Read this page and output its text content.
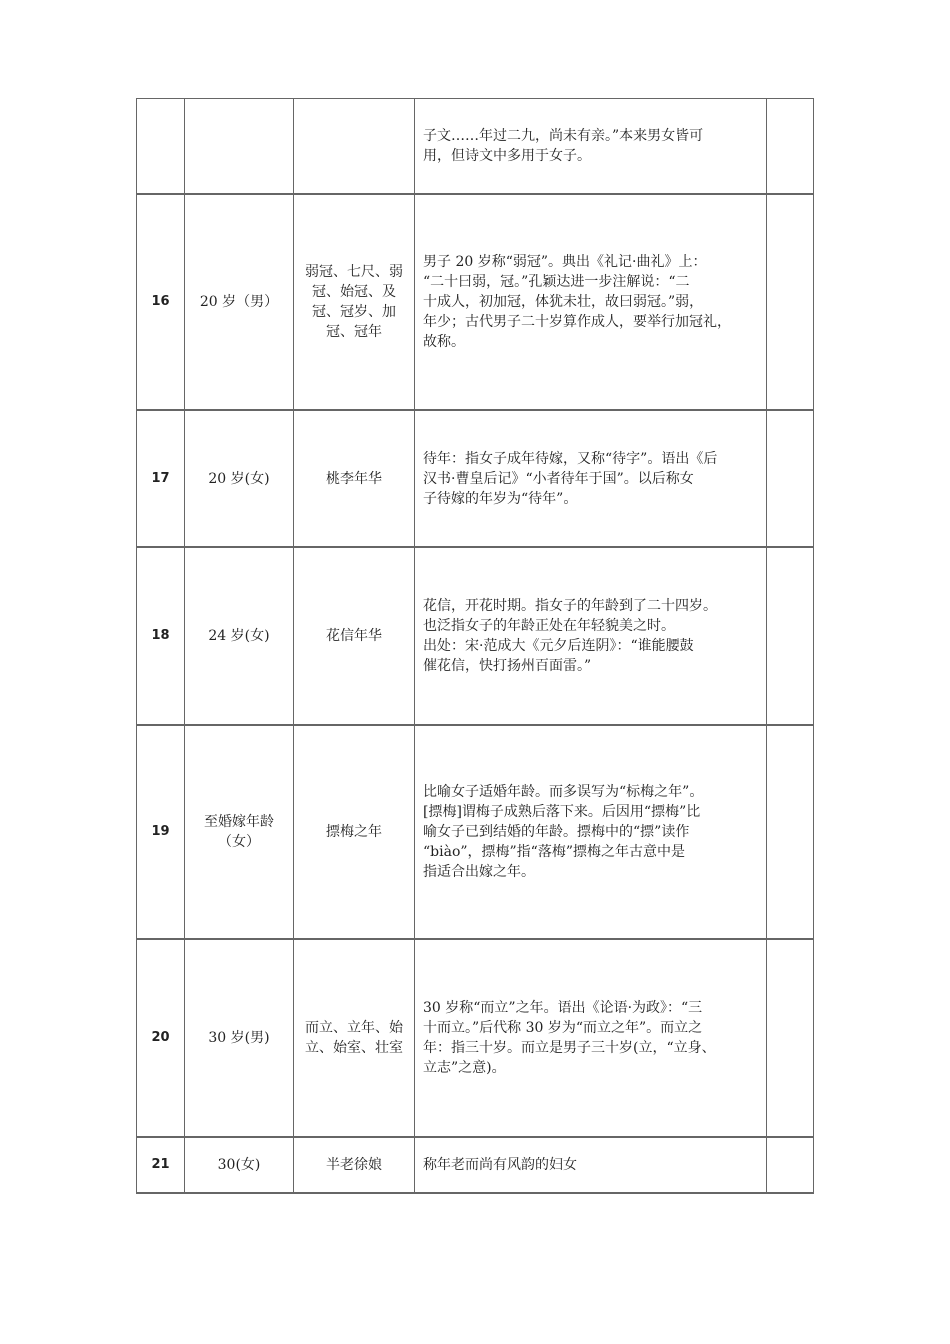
			子文……年过二九，尚未有亲。”本来男女皆可
用，但诗文中多用于女子。	

16	20 岁（男）	弱冠、七尺、弱冠、始冠、及冠、冠岁、加冠、冠年	男子 20 岁称“弱冠”。典出《礼记·曲礼》上：
“二十曰弱，冠。”孔颖达进一步注解说：“二
十成人，初加冠，体犹未壮，故曰弱冠。”弱，
年少；古代男子二十岁算作成人，要举行加冠礼，
故称。	

17	20 岁(女)	桃李年华	待年：指女子成年待嫁，又称“待字”。语出《后
汉书·曹皇后记》“小者待年于国”。以后称女
子待嫁的年岁为“待年”。	

18	24 岁(女)	花信年华	花信，开花时期。指女子的年龄到了二十四岁。
也泛指女子的年龄正处在年轻貌美之时。
出处：宋·范成大《元夕后连阴》：“谁能腰鼓
催花信，快打扬州百面雷。”	

19	至婚嫁年龄（女）	摽梅之年	比喻女子适婚年龄。而多误写为“标梅之年”。
[摽梅]谓梅子成熟后落下来。后因用“摽梅”比
喻女子已到结婚的年龄。摽梅中的“摽”读作
“biào”，摽梅”指“落梅”摽梅之年古意中是
指适合出嫁之年。	

20	30 岁(男)	而立、立年、始立、始室、壮室	30 岁称“而立”之年。语出《论语·为政》：“三
十而立。”后代称 30 岁为“而立之年”。而立之
年：指三十岁。而立是男子三十岁(立，“立身、
立志”之意)。	

21	30(女)	半老徐娘	称年老而尚有风韵的妇女	
